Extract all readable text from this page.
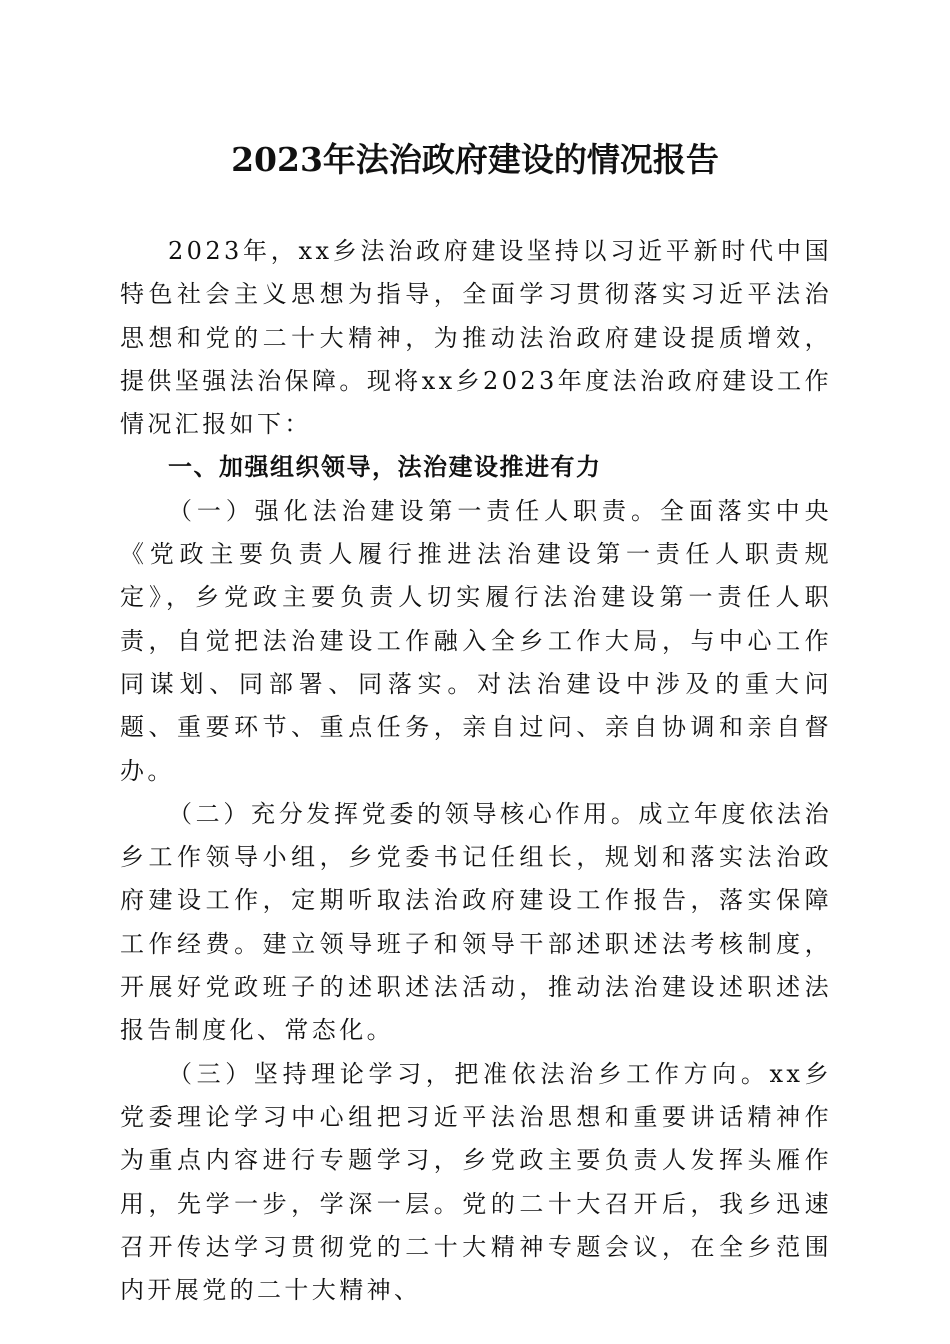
2023年法治政府建设的情况报告

2023年，xx乡法治政府建设坚持以习近平新时代中国特色社会主义思想为指导，全面学习贯彻落实习近平法治思想和党的二十大精神，为推动法治政府建设提质增效，提供坚强法治保障。现将xx乡2023年度法治政府建设工作情况汇报如下：

一、加强组织领导，法治建设推进有力

（一）强化法治建设第一责任人职责。全面落实中央《党政主要负责人履行推进法治建设第一责任人职责规定》，乡党政主要负责人切实履行法治建设第一责任人职责，自觉把法治建设工作融入全乡工作大局，与中心工作同谋划、同部署、同落实。对法治建设中涉及的重大问题、重要环节、重点任务，亲自过问、亲自协调和亲自督办。

（二）充分发挥党委的领导核心作用。成立年度依法治乡工作领导小组，乡党委书记任组长，规划和落实法治政府建设工作，定期听取法治政府建设工作报告，落实保障工作经费。建立领导班子和领导干部述职述法考核制度，开展好党政班子的述职述法活动，推动法治建设述职述法报告制度化、常态化。

（三）坚持理论学习，把准依法治乡工作方向。xx乡党委理论学习中心组把习近平法治思想和重要讲话精神作为重点内容进行专题学习，乡党政主要负责人发挥头雁作用，先学一步，学深一层。党的二十大召开后，我乡迅速召开传达学习贯彻党的二十大精神专题会议，在全乡范围内开展党的二十大精神、
